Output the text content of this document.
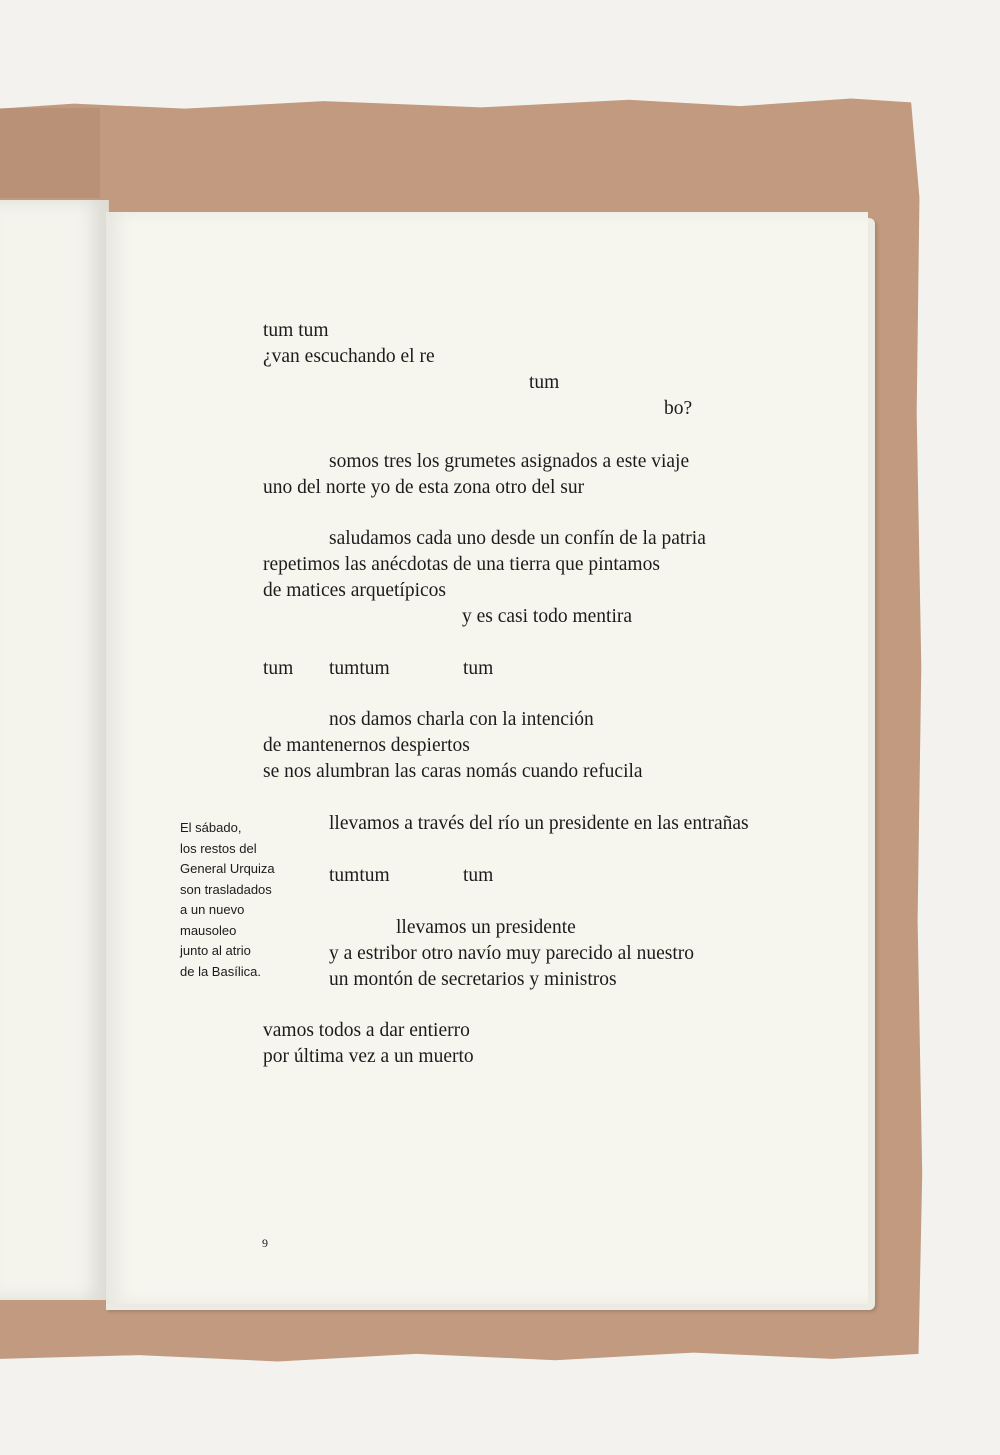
tum tum

¿van escuchando el re

tum

bo?

somos tres los grumetes asignados a este viaje

uno del norte yo de esta zona otro del sur

saludamos cada uno desde un confín de la patria

repetimos las anécdotas de una tierra que pintamos

de matices arquetípicos

y es casi todo mentira

tum tumtum	tum

nos damos charla con la intención

de mantenernos despiertos

se nos alumbran las caras nomás cuando refucila

llevamos a través del río un presidente en las entrañas

tumtum	tum

llevamos un presidente

y a estribor otro navío muy parecido al nuestro

un montón de secretarios y ministros

vamos todos a dar entierro

por última vez a un muerto

El sábado,
los restos del
General Urquiza
son trasladados
a un nuevo
mausoleo
junto al atrio
de la Basílica.

9
